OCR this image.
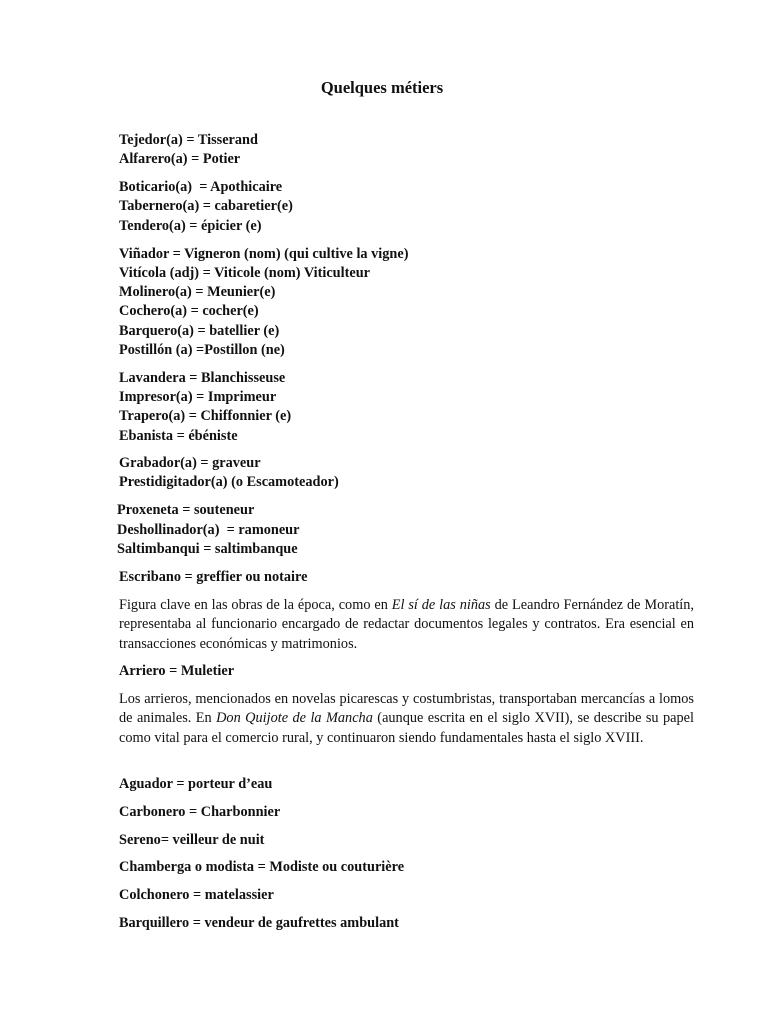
Quelques métiers
Tejedor(a) = Tisserand
Alfarero(a) = Potier
Boticario(a)  = Apothicaire
Tabernero(a) = cabaretier(e)
Tendero(a) = épicier (e)
Viñador = Vigneron (nom) (qui cultive la vigne)
Vitícola (adj) = Viticole (nom) Viticulteur
Molinero(a) = Meunier(e)
Cochero(a) = cocher(e)
Barquero(a) = batellier (e)
Postillón (a) =Postillon (ne)
Lavandera = Blanchisseuse
Impresor(a) = Imprimeur
Trapero(a) = Chiffonnier (e)
Ebanista = ébéniste
Grabador(a) = graveur
Prestidigitador(a) (o Escamoteador)
Proxeneta = souteneur
Deshollinador(a)  = ramoneur
Saltimbanqui = saltimbanque
Escribano = greffier ou notaire
Figura clave en las obras de la época, como en El sí de las niñas de Leandro Fernández de Moratín, representaba al funcionario encargado de redactar documentos legales y contratos. Era esencial en transacciones económicas y matrimonios.
Arriero = Muletier
Los arrieros, mencionados en novelas picarescas y costumbristas, transportaban mercancías a lomos de animales. En Don Quijote de la Mancha (aunque escrita en el siglo XVII), se describe su papel como vital para el comercio rural, y continuaron siendo fundamentales hasta el siglo XVIII.
Aguador = porteur d’eau
Carbonero = Charbonnier
Sereno= veilleur de nuit
Chamberga o modista = Modiste ou couturière
Colchonero = matelassier
Barquillero = vendeur de gaufrettes ambulant
